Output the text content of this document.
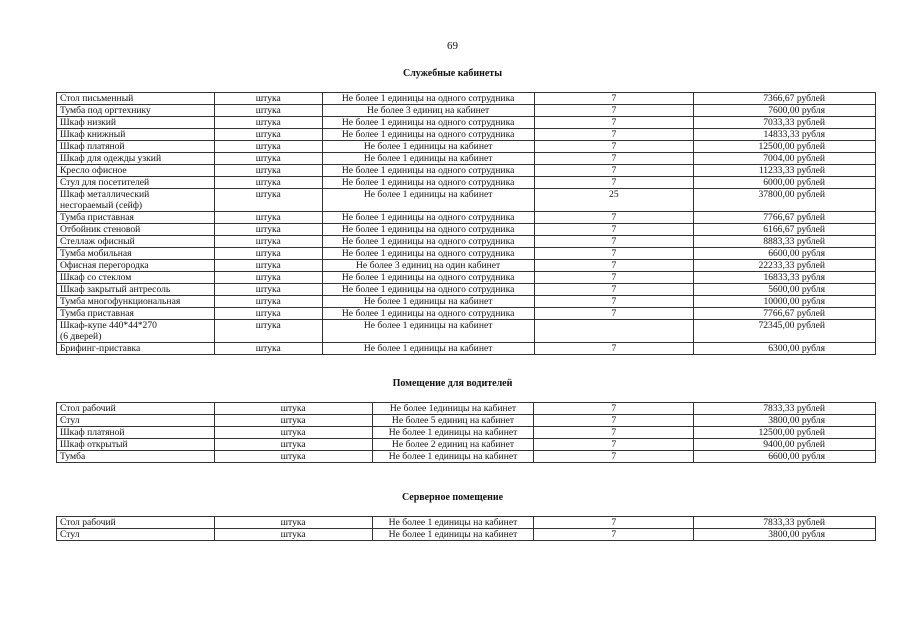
69
Служебные кабинеты
Стол письменный	штука	Не более 1 единицы на одного сотрудника	7	7366,67 рублей
Тумба под оргтехнику	штука	Не более 3 единиц на кабинет	7	7600,00 рубля
Шкаф низкий	штука	Не более 1 единицы на одного сотрудника	7	7033,33 рублей
Шкаф книжный	штука	Не более 1 единицы на одного сотрудника	7	14833,33 рубля
Шкаф платяной	штука	Не более 1 единицы на кабинет	7	12500,00 рублей
Шкаф для одежды узкий	штука	Не более 1 единицы на кабинет	7	7004,00 рублей
Кресло офисное	штука	Не более 1 единицы на одного сотрудника	7	11233,33 рублей
Стул для посетителей	штука	Не более 1 единицы на одного сотрудника	7	6000,00 рублей
Шкаф металлический
несгораемый (сейф)	штука	Не более 1 единицы на кабинет	25	37800,00 рублей
Тумба приставная	штука	Не более 1 единицы на одного сотрудника	7	7766,67 рублей
Отбойник стеновой	штука	Не более 1 единицы на одного сотрудника	7	6166,67 рублей
Стеллаж офисный	штука	Не более 1 единицы на одного сотрудника	7	8883,33 рублей
Тумба мобильная	штука	Не более 1 единицы на одного сотрудника	7	6600,00 рубля
Офисная перегородка	штука	Не более 3 единиц на один кабинет	7	22233,33 рублей
Шкаф со стеклом	штука	Не более 1 единицы на одного сотрудника	7	16833,33 рубля
Шкаф закрытый антресоль	штука	Не более 1 единицы на одного сотрудника	7	5600,00 рубля
Тумба многофункциональная	штука	Не более 1 единицы на кабинет	7	10000,00 рубля
Тумба приставная	штука	Не более 1 единицы на одного сотрудника	7	7766,67 рублей
Шкаф-купе 440*44*270
(6 дверей)	штука	Не более 1 единицы на кабинет		72345,00 рублей
Брифинг-приставка	штука	Не более 1 единицы на кабинет	7	6300,00 рубля
Помещение для водителей
Стол рабочий	штука	Не более 1единицы на кабинет	7	7833,33 рублей
Стул	штука	Не более 5 единиц на кабинет	7	3800,00 рубля
Шкаф платяной	штука	Не более 1 единицы на кабинет	7	12500,00 рублей
Шкаф открытый	штука	Не более 2 единиц на кабинет	7	9400,00 рублей
Тумба	штука	Не более 1 единицы на кабинет	7	6600,00 рубля
Серверное помещение
Стол рабочий	штука	Не более 1 единицы на кабинет	7	7833,33 рублей
Стул	штука	Не более 1 единицы на кабинет	7	3800,00 рубля
